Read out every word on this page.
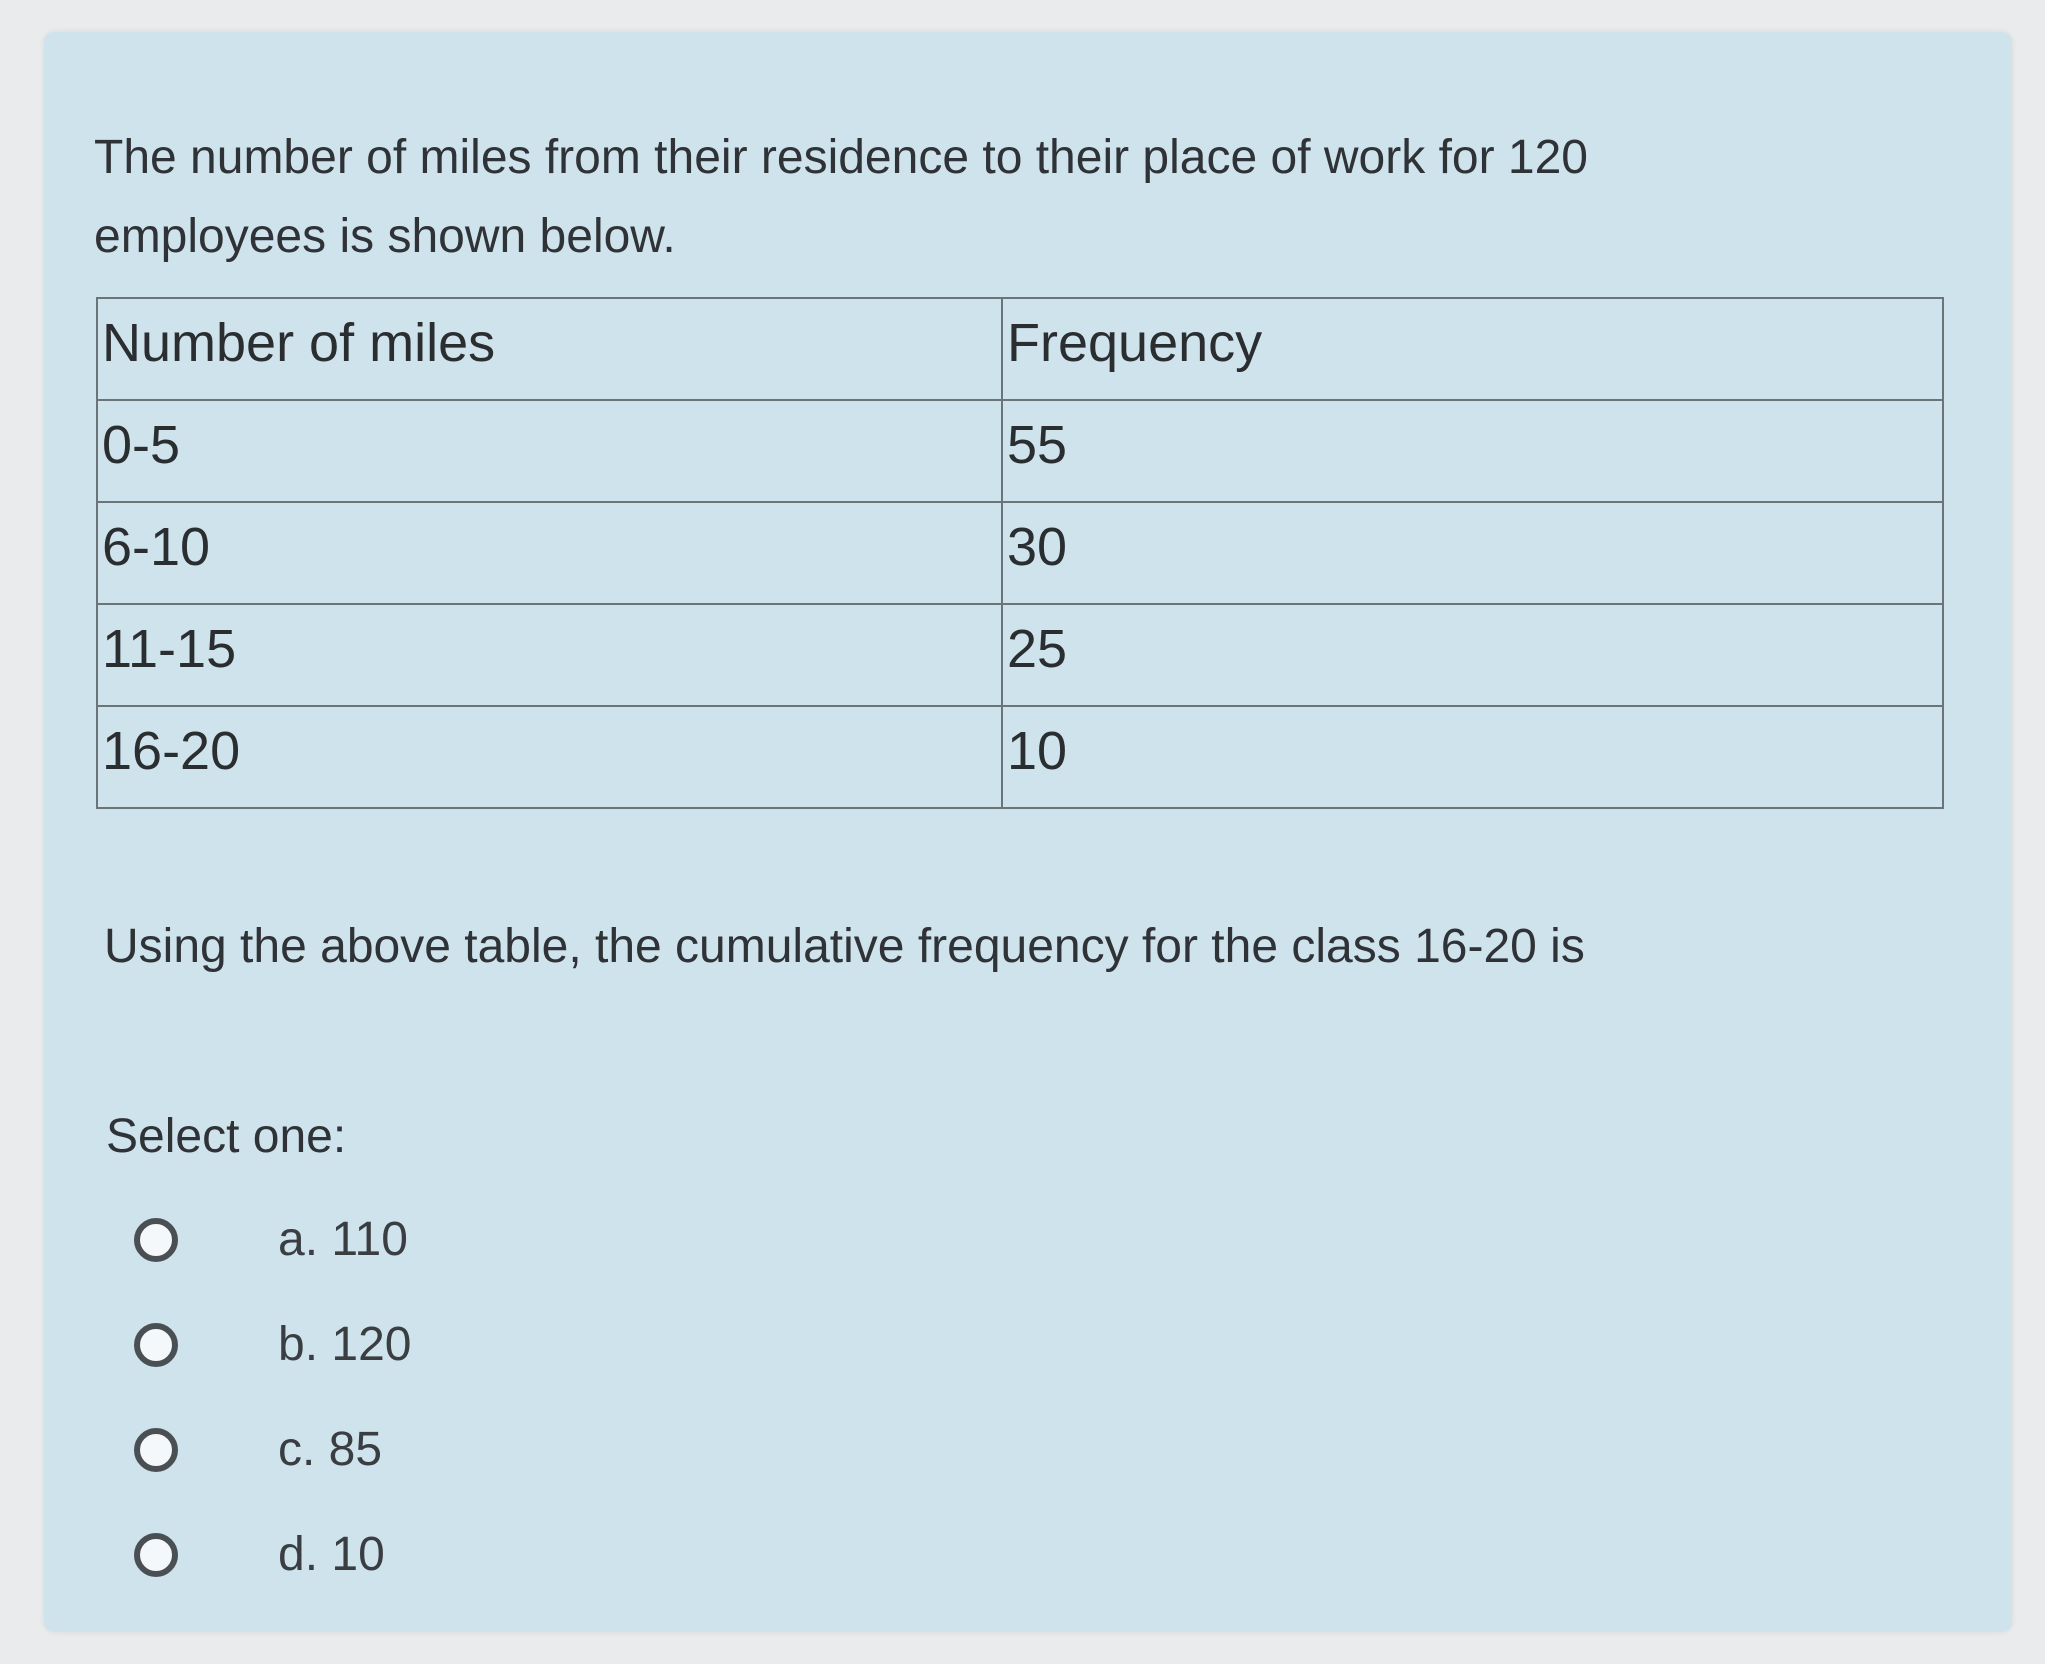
The number of miles from their residence to their place of work for 120 employees is shown below.

Number of miles	Frequency
0-5	55
6-10	30
11-15	25
16-20	10

Using the above table, the cumulative frequency for the class 16-20 is

Select one:

a. 110
b. 120
c. 85
d. 10
